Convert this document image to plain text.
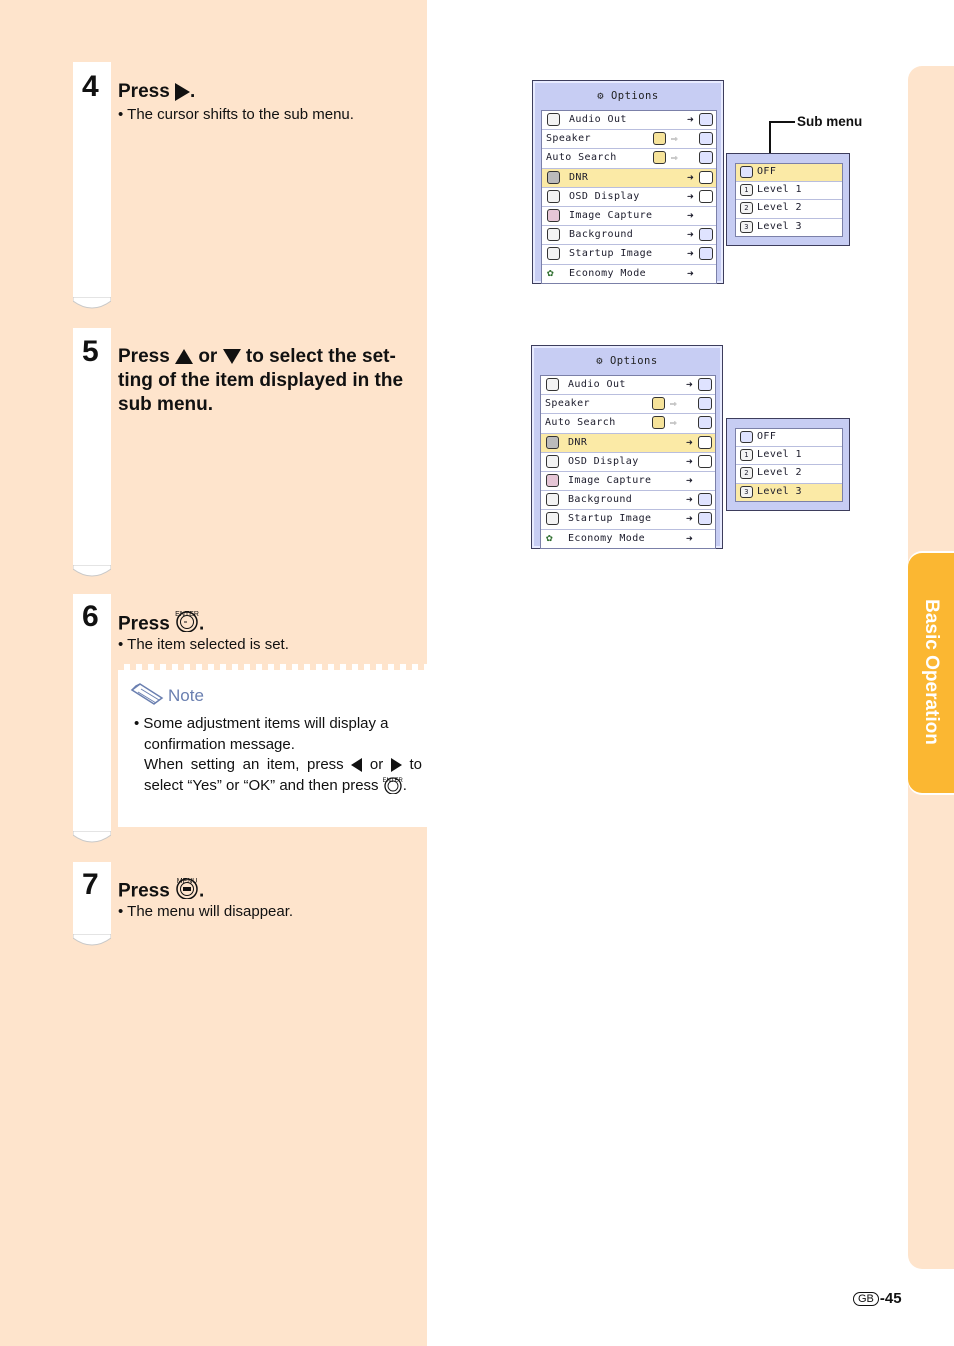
4 Press .
• The cursor shifts to the sub menu.
5 Press  or  to select the set-ting of the item displayed in the sub menu.
6 Press ENTER .
• The item selected is set.
Note
• Some adjustment items will display a confirmation message.
When setting an item, press  or  to select “Yes” or “OK” and then press ENTER .
7 Press MENU .
• The menu will disappear.
⚙ Options
Audio Out	➜
Speaker	⇨
Auto Search	⇨
DNR	➜
OSD Display	➜
Image Capture	➜
Background	➜
Startup Image	➜
✿	Economy Mode	➜
Sub menu
OFF
1 Level 1
2 Level 2
3 Level 3
⚙ Options
Audio Out	➜
Speaker	⇨
Auto Search	⇨
DNR	➜
OSD Display	➜
Image Capture	➜
Background	➜
Startup Image	➜
✿	Economy Mode	➜
OFF
1 Level 1
2 Level 2
3 Level 3
Basic Operation
GB -45
